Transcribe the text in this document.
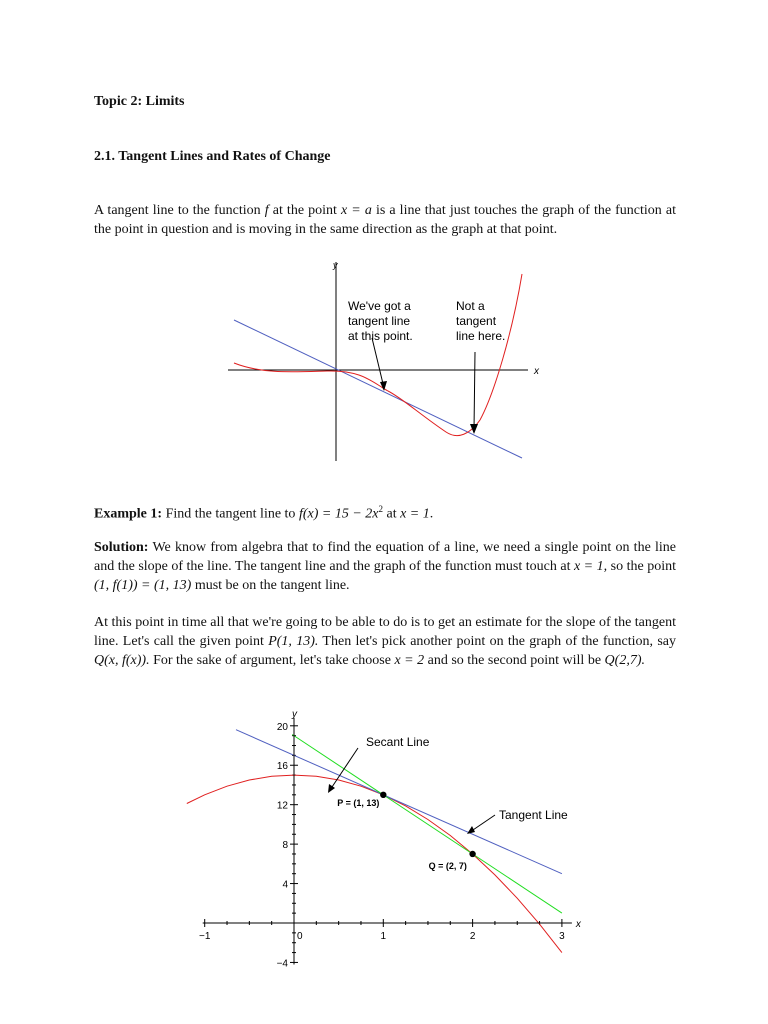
Topic 2: Limits
2.1. Tangent Lines and Rates of Change
A tangent line to the function f at the point x = a is a line that just touches the graph of the function at the point in question and is moving in the same direction as the graph at that point.
y
x
We've got a tangent line at this point.
Not a tangent line here.
Example 1: Find the tangent line to $f(x) = 15 - 2x^2$ at x = 1.
Solution: We know from algebra that to find the equation of a line, we need a single point on the line and the slope of the line. The tangent line and the graph of the function must touch at x = 1, so the point (1, f(1)) = (1, 13) must be on the tangent line.
At this point in time all that we're going to be able to do is to get an estimate for the slope of the tangent line. Let's call the given point P(1, 13). Then let's pick another point on the graph of the function, say Q(x, f(x)). For the sake of argument, let's take choose x = 2 and so the second point will be Q(2,7).
x
y
−1	0	1	2	3
−4
4
8
12
16
20
P = (1, 13)
Q = (2, 7)
Secant Line
Tangent Line
